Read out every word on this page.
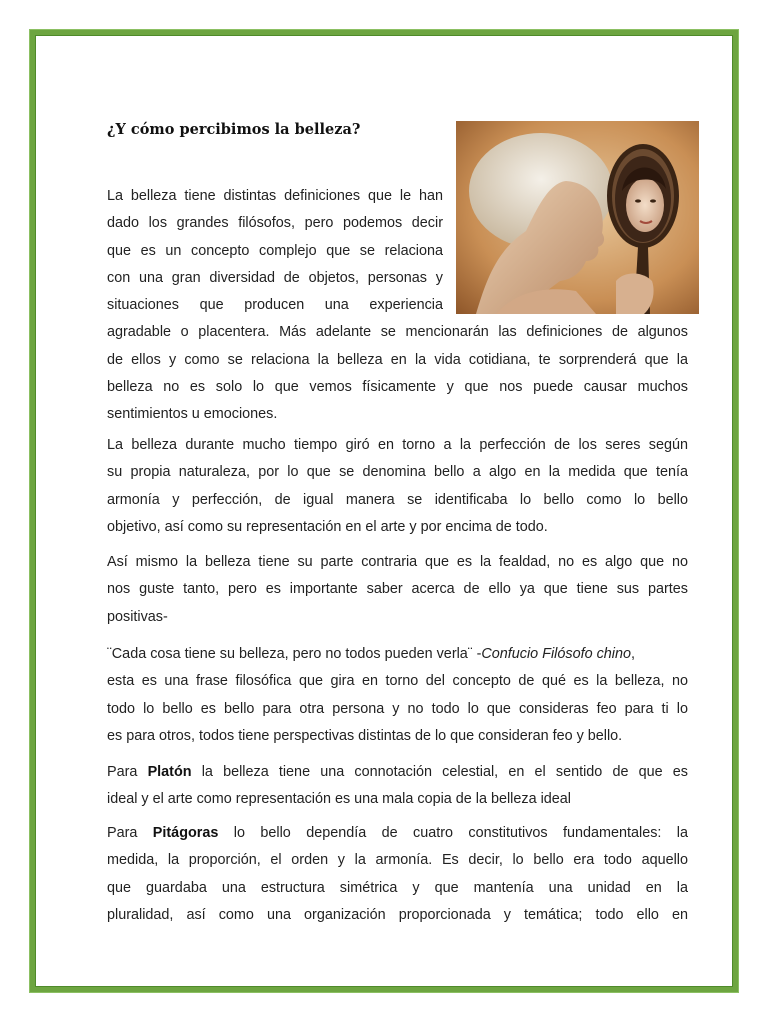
¿Y cómo percibimos la belleza?
La belleza tiene distintas definiciones que le han
dado los grandes filósofos, pero podemos decir
que es un concepto complejo que se relaciona
con una gran diversidad de objetos, personas y
situaciones que producen una experiencia
agradable o placentera. Más adelante se mencionarán las definiciones de algunos
de ellos y como se relaciona la belleza en la vida cotidiana, te sorprenderá que la
belleza no es solo lo que vemos físicamente y que nos puede causar muchos
sentimientos u emociones.
La belleza durante mucho tiempo giró en torno a la perfección de los seres según
su propia naturaleza, por lo que se denomina bello a algo en la medida que tenía
armonía y perfección, de igual manera se identificaba lo bello como lo bello
objetivo, así como su representación en el arte y por encima de todo.
Así mismo la belleza tiene su parte contraria que es la fealdad, no es algo que no
nos guste tanto, pero es importante saber acerca de ello ya que tiene sus partes
positivas-
¨Cada cosa tiene su belleza, pero no todos pueden verla¨ -Confucio Filósofo chino,
esta es una frase filosófica que gira en torno del concepto de qué es la belleza, no
todo lo bello es bello para otra persona y no todo lo que consideras feo para ti lo
es para otros, todos tiene perspectivas distintas de lo que consideran feo y bello.
Para Platón la belleza tiene una connotación celestial, en el sentido de que es
ideal y el arte como representación es una mala copia de la belleza ideal
Para Pitágoras lo bello dependía de cuatro constitutivos fundamentales: la
medida, la proporción, el orden y la armonía. Es decir, lo bello era todo aquello
que guardaba una estructura simétrica y que mantenía una unidad en la
pluralidad, así como una organización proporcionada y temática; todo ello en
